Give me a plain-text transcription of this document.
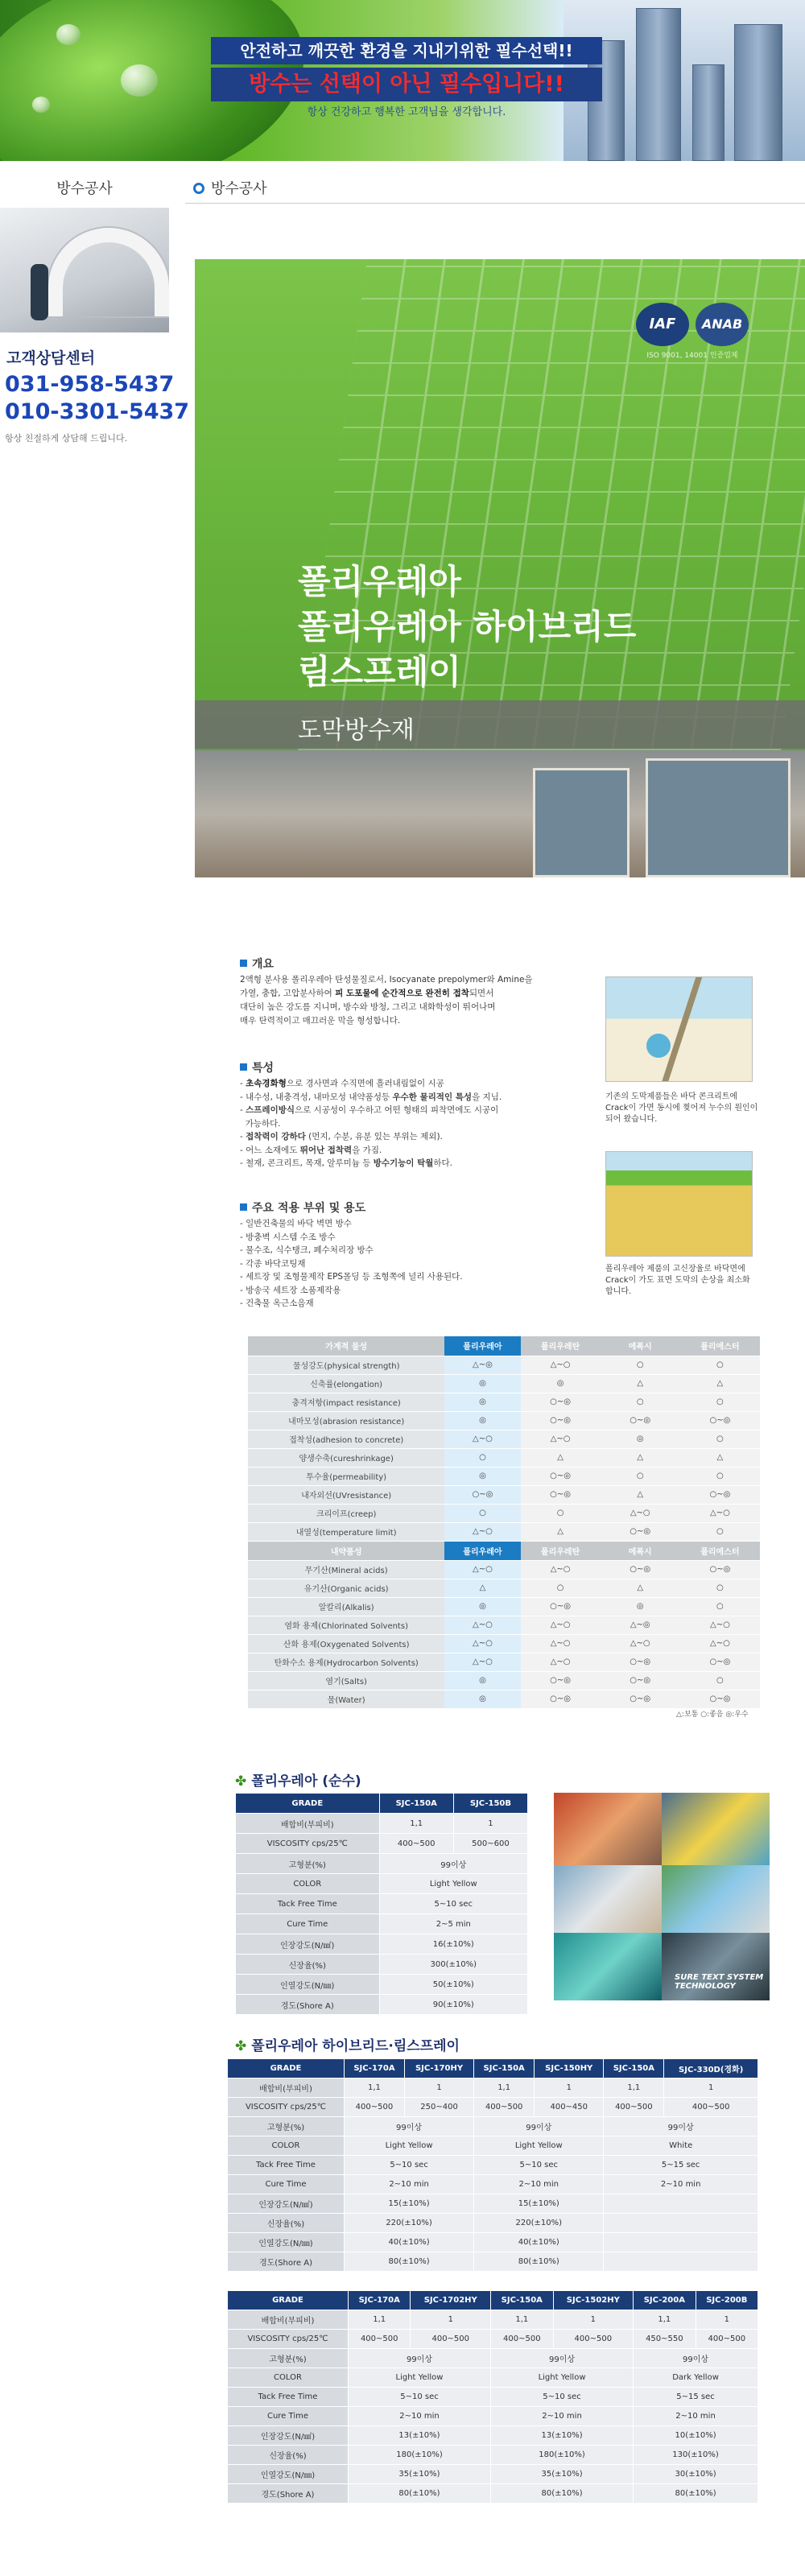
안전하고 깨끗한 환경을 지내기위한 필수선택!!
방수는 선택이 아닌 필수입니다!!
항상 건강하고 행복한 고객님을 생각합니다.
방수공사
고객상담센터
031-958-5437
010-3301-5437
항상 친절하게 상담해 드립니다.
방수공사
IAF	ANAB
ISO 9001, 14001 인증업체
폴리우레아
폴리우레아 하이브리드
림스프레이
도막방수재
개요
2액형 분사용 폴리우레아 탄성물질로서, Isocyanate prepolymer와 Amine을
가열, 충합, 고압분사하여 피 도포물에 순간적으로 완전히 접착되면서
대단히 높은 강도를 지니며, 방수와 방청, 그리고 내화학성이 뛰어나며
매우 탄력적이고 매끄러운 막을 형성합니다.
특성
- 초속경화형으로 경사면과 수직면에 흘러내림없이 시공
- 내수성, 내충격성, 내마모성 내약품성등 우수한 물리적인 특성을 지님.
- 스프레이방식으로 시공성이 우수하고 어떤 형태의 피착면에도 시공이
가능하다.
- 접착력이 강하다 (먼지, 수분, 유분 있는 부위는 제외).
- 어느 소재에도 뛰어난 접착력을 가짐.
- 철재, 콘크리트, 목재, 알루미늄 등 방수기능이 탁월하다.
주요 적용 부위 및 용도
- 일반건축물의 바닥 벽면 방수
- 방충벽 시스템 수조 방수
- 물수조, 식수탱크, 폐수처리장 방수
- 각종 바닥코팅재
- 세트장 및 조형물제작 EPS몰딩 등 조형쪽에 널리 사용된다.
- 방송국 세트장 소품제작용
- 건축물 옥근소음재
기존의 도막제품들은 바닥 콘크리트에 Crack이 가면 동시에 찢어져 누수의 원인이 되어 왔습니다.
폴리우레아 제품의 고신장율로 바닥면에 Crack이 가도 표면 도막의 손상을 최소화 합니다.
가계적 물성	폴리우레아	폴리우레탄	에폭시	폴리에스터
물성강도(physical strength)	△~◎	△~○	○	○
신축률(elongation)	◎	◎	△	△
충격저항(impact resistance)	◎	○~◎	○	○
내마모성(abrasion resistance)	◎	○~◎	○~◎	○~◎
접착성(adhesion to concrete)	△~○	△~○	◎	○
양생수축(cureshrinkage)	○	△	△	△
투수율(permeability)	◎	○~◎	○	○
내자외선(UVresistance)	○~◎	○~◎	△	○~◎
크리이프(creep)	○	○	△~○	△~○
내열성(temperature limit)	△~○	△	○~◎	○
내약품성	폴리우레아	폴리우레탄	에폭시	폴리에스터
무기산(Mineral acids)	△~○	△~○	○~◎	○~◎
유기산(Organic acids)	△	○	△	○
알칼리(Alkalis)	◎	○~◎	◎	○
염화 용제(Chlorinated Solvents)	△~○	△~○	△~◎	△~○
산화 용제(Oxygenated Solvents)	△~○	△~○	△~○	△~○
탄화수소 용제(Hydrocarbon Solvents)	△~○	△~○	○~◎	○~◎
염기(Salts)	◎	○~◎	○~◎	○
물(Water)	◎	○~◎	○~◎	○~◎
△:보통 ○:좋음 ◎:우수
✤ 폴리우레아 (순수)
GRADE	SJC-150A	SJC-150B
배합비(부피비)	1,1	1
VISCOSITY cps/25℃	400~500	500~600
고형분(%)	99이상	
COLOR	Light Yellow	
Tack Free Time	5~10 sec	
Cure Time	2~5 min	
인장강도(N/㎟)	16(±10%)	
신장율(%)	300(±10%)	
인열강도(N/㎜)	50(±10%)	
경도(Shore A)	90(±10%)	
SURE TEXT SYSTEM TECHNOLOGY
✤ 폴리우레아 하이브리드·림스프레이
GRADE	SJC-170A	SJC-170HY	SJC-150A	SJC-150HY	SJC-150A	SJC-330D(경화)
배합비(부피비)	1,1	1	1,1	1	1,1	1
VISCOSITY cps/25℃	400~500	250~400	400~500	400~450	400~500	400~500
고형분(%)	99이상		99이상		99이상	
COLOR	Light Yellow		Light Yellow		White	
Tack Free Time	5~10 sec		5~10 sec		5~15 sec	
Cure Time	2~10 min		2~10 min		2~10 min	
인장강도(N/㎟)	15(±10%)		15(±10%)			
신장율(%)	220(±10%)		220(±10%)			
인열강도(N/㎜)	40(±10%)		40(±10%)			
경도(Shore A)	80(±10%)		80(±10%)			
GRADE	SJC-170A	SJC-1702HY	SJC-150A	SJC-1502HY	SJC-200A	SJC-200B
배합비(부피비)	1,1	1	1,1	1	1,1	1
VISCOSITY cps/25℃	400~500	400~500	400~500	400~500	450~550	400~500
고형분(%)	99이상		99이상		99이상	
COLOR	Light Yellow		Light Yellow		Dark Yellow	
Tack Free Time	5~10 sec		5~10 sec		5~15 sec	
Cure Time	2~10 min		2~10 min		2~10 min	
인장강도(N/㎟)	13(±10%)		13(±10%)		10(±10%)	
신장율(%)	180(±10%)		180(±10%)		130(±10%)	
인열강도(N/㎜)	35(±10%)		35(±10%)		30(±10%)	
경도(Shore A)	80(±10%)		80(±10%)		80(±10%)	
